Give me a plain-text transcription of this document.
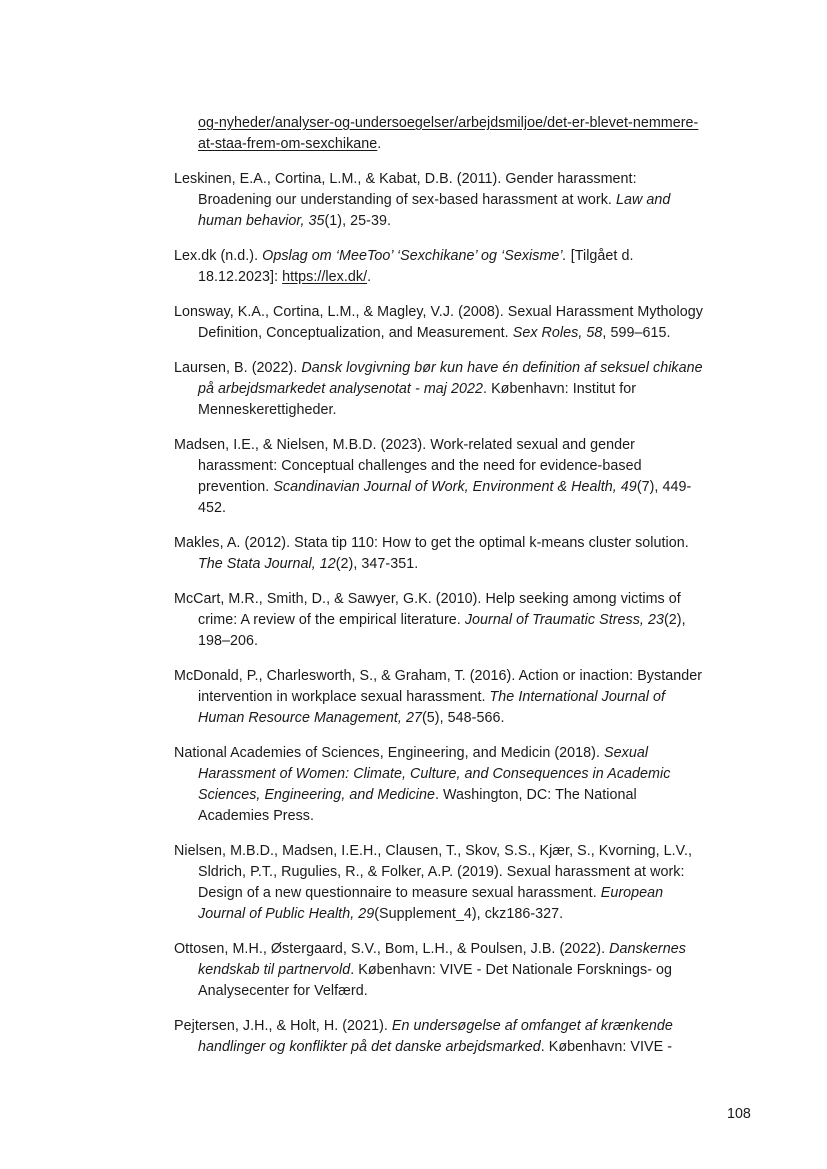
og-nyheder/analyser-og-undersoegelser/arbejdsmiljoe/det-er-blevet-nemmere-at-staa-frem-om-sexchikane.

Leskinen, E.A., Cortina, L.M., & Kabat, D.B. (2011). Gender harassment: Broadening our understanding of sex-based harassment at work. Law and human behavior, 35(1), 25-39.

Lex.dk (n.d.). Opslag om ‘MeeToo’ ‘Sexchikane’ og ‘Sexisme’. [Tilgået d. 18.12.2023]: https://lex.dk/.

Lonsway, K.A., Cortina, L.M., & Magley, V.J. (2008). Sexual Harassment Mythology Definition, Conceptualization, and Measurement. Sex Roles, 58, 599–615.

Laursen, B. (2022). Dansk lovgivning bør kun have én definition af seksuel chikane på arbejdsmarkedet analysenotat - maj 2022. København: Institut for Menneskerettigheder.

Madsen, I.E., & Nielsen, M.B.D. (2023). Work-related sexual and gender harassment: Conceptual challenges and the need for evidence-based prevention. Scandinavian Journal of Work, Environment & Health, 49(7), 449-452.

Makles, A. (2012). Stata tip 110: How to get the optimal k-means cluster solution. The Stata Journal, 12(2), 347-351.

McCart, M.R., Smith, D., & Sawyer, G.K. (2010). Help seeking among victims of crime: A review of the empirical literature. Journal of Traumatic Stress, 23(2), 198–206.

McDonald, P., Charlesworth, S., & Graham, T. (2016). Action or inaction: Bystander intervention in workplace sexual harassment. The International Journal of Human Resource Management, 27(5), 548-566.

National Academies of Sciences, Engineering, and Medicin (2018). Sexual Harassment of Women: Climate, Culture, and Consequences in Academic Sciences, Engineering, and Medicine. Washington, DC: The National Academies Press.

Nielsen, M.B.D., Madsen, I.E.H., Clausen, T., Skov, S.S., Kjær, S., Kvorning, L.V., Sldrich, P.T., Rugulies, R., & Folker, A.P. (2019). Sexual harassment at work: Design of a new questionnaire to measure sexual harassment. European Journal of Public Health, 29(Supplement_4), ckz186-327.

Ottosen, M.H., Østergaard, S.V., Bom, L.H., & Poulsen, J.B. (2022). Danskernes kendskab til partnervold. København: VIVE - Det Nationale Forsknings- og Analysecenter for Velfærd.

Pejtersen, J.H., & Holt, H. (2021). En undersøgelse af omfanget af krænkende handlinger og konflikter på det danske arbejdsmarked. København: VIVE -

108
